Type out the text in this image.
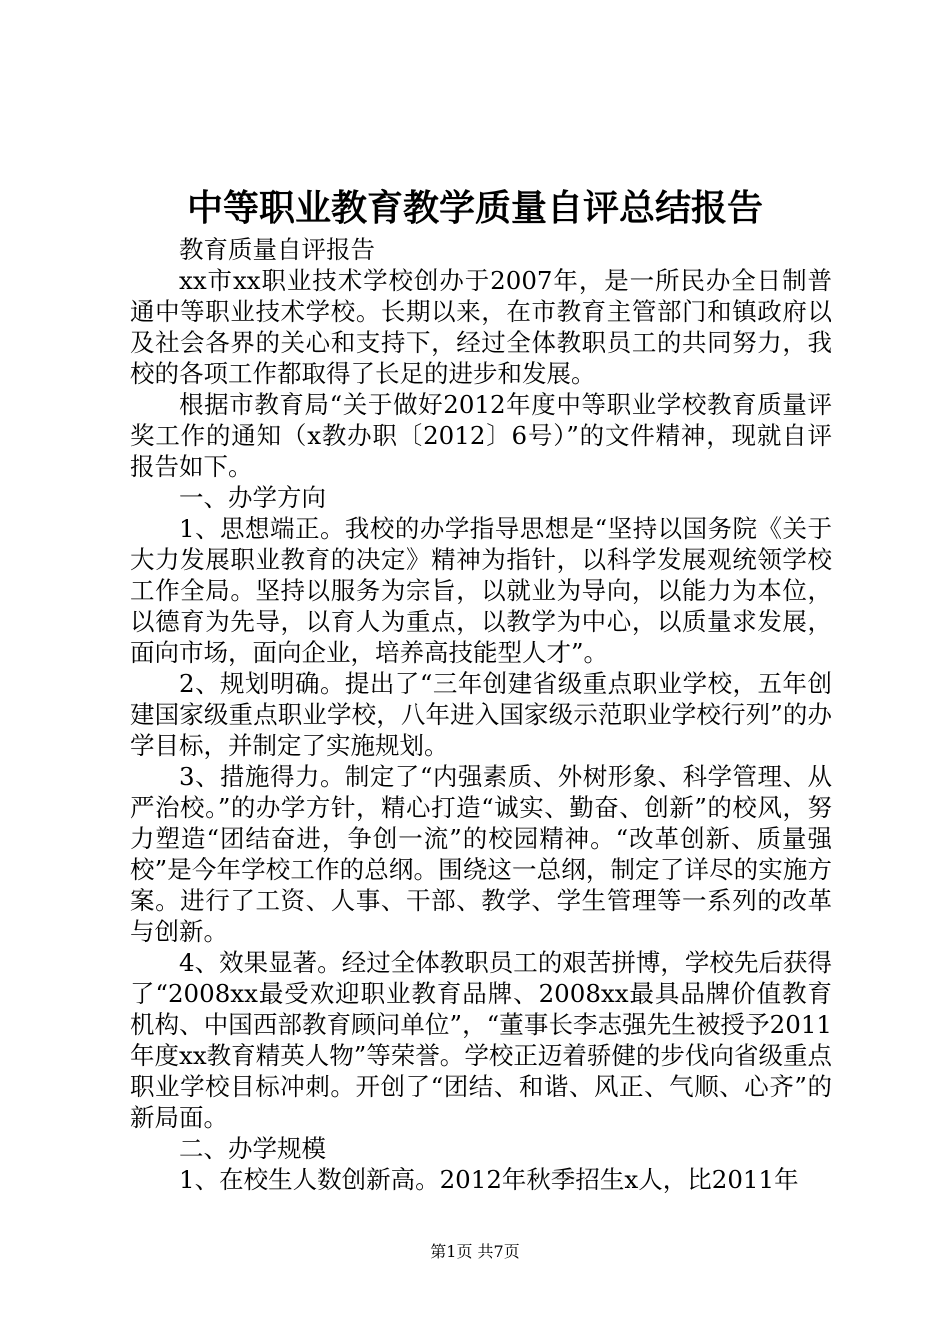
中等职业教育教学质量自评总结报告

教育质量自评报告

xx市xx职业技术学校创办于2007年，是一所民办全日制普通中等职业技术学校。长期以来，在市教育主管部门和镇政府以及社会各界的关心和支持下，经过全体教职员工的共同努力，我校的各项工作都取得了长足的进步和发展。

根据市教育局“关于做好2012年度中等职业学校教育质量评奖工作的通知（x教办职〔2012〕6号）”的文件精神，现就自评报告如下。

一、办学方向

1、思想端正。我校的办学指导思想是“坚持以国务院《关于大力发展职业教育的决定》精神为指针，以科学发展观统领学校工作全局。坚持以服务为宗旨，以就业为导向，以能力为本位，以德育为先导，以育人为重点，以教学为中心，以质量求发展，面向市场，面向企业，培养高技能型人才”。

2、规划明确。提出了“三年创建省级重点职业学校，五年创建国家级重点职业学校，八年进入国家级示范职业学校行列”的办学目标，并制定了实施规划。

3、措施得力。制定了“内强素质、外树形象、科学管理、从严治校。”的办学方针，精心打造“诚实、勤奋、创新”的校风，努力塑造“团结奋进，争创一流”的校园精神。“改革创新、质量强校”是今年学校工作的总纲。围绕这一总纲，制定了详尽的实施方案。进行了工资、人事、干部、教学、学生管理等一系列的改革与创新。

4、效果显著。经过全体教职员工的艰苦拼博，学校先后获得了“2008xx最受欢迎职业教育品牌、2008xx最具品牌价值教育机构、中国西部教育顾问单位”，“董事长李志强先生被授予2011年度xx教育精英人物”等荣誉。学校正迈着骄健的步伐向省级重点职业学校目标冲刺。开创了“团结、和谐、风正、气顺、心齐”的新局面。

二、办学规模

1、在校生人数创新高。2012年秋季招生x人，比2011年

第1页 共7页
